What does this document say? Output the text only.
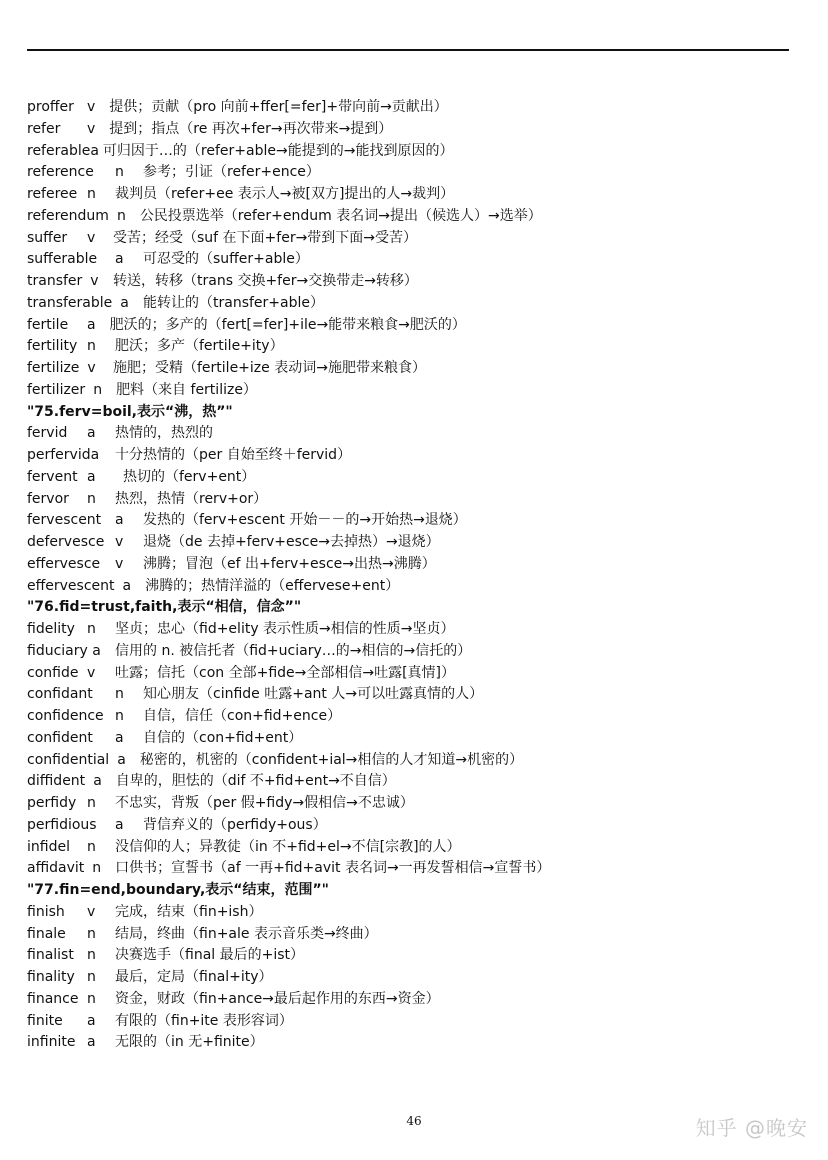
proffer v 提供；贡献（pro 向前+ffer[=fer]+带向前→贡献出）
refer v 提到；指点（re 再次+fer→再次带来→提到）
referablea 可归因于…的（refer+able→能提到的→能找到原因的）
reference n 参考；引证（refer+ence）
referee n 裁判员（refer+ee 表示人→被[双方]提出的人→裁判）
referendum n 公民投票选举（refer+endum 表名词→提出（候选人）→选举）
suffer v 受苦；经受（suf 在下面+fer→带到下面→受苦）
sufferable a 可忍受的（suffer+able）
transfer v 转送，转移（trans 交换+fer→交换带走→转移）
transferable a 能转让的（transfer+able）
fertile a 肥沃的；多产的（fert[=fer]+ile→能带来粮食→肥沃的）
fertility n 肥沃；多产（fertile+ity）
fertilize v 施肥；受精（fertile+ize 表动词→施肥带来粮食）
fertilizer n 肥料（来自 fertilize）
"75.ferv=boil,表示“沸，热”"
fervid a 热情的，热烈的
perfervida 十分热情的（per 自始至终＋fervid）
fervent a 热切的（ferv+ent）
fervor n 热烈，热情（rerv+or）
fervescent a 发热的（ferv+escent 开始－－的→开始热→退烧）
defervesce v 退烧（de 去掉+ferv+esce→去掉热）→退烧）
effervesce v 沸腾；冒泡（ef 出+ferv+esce→出热→沸腾）
effervescent a 沸腾的；热情洋溢的（effervese+ent）
"76.fid=trust,faith,表示“相信，信念”"
fidelity n 坚贞；忠心（fid+elity 表示性质→相信的性质→坚贞）
fiduciary a 信用的 n. 被信托者（fid+uciary…的→相信的→信托的）
confide v 吐露；信托（con 全部+fide→全部相信→吐露[真情]）
confidant n 知心朋友（cinfide 吐露+ant 人→可以吐露真情的人）
confidence n 自信，信任（con+fid+ence）
confident a 自信的（con+fid+ent）
confidential a 秘密的，机密的（confident+ial→相信的人才知道→机密的）
diffident a 自卑的，胆怯的（dif 不+fid+ent→不自信）
perfidy n 不忠实，背叛（per 假+fidy→假相信→不忠诚）
perfidious a 背信弃义的（perfidy+ous）
infidel n 没信仰的人；异教徒（in 不+fid+el→不信[宗教]的人）
affidavit n 口供书；宣誓书（af 一再+fid+avit 表名词→一再发誓相信→宣誓书）
"77.fin=end,boundary,表示“结束，范围”"
finish v 完成，结束（fin+ish）
finale n 结局，终曲（fin+ale 表示音乐类→终曲）
finalist n 决赛选手（final 最后的+ist）
finality n 最后，定局（final+ity）
finance n 资金，财政（fin+ance→最后起作用的东西→资金）
finite a 有限的（fin+ite 表形容词）
infinite a 无限的（in 无+finite）
46	知乎 @晚安
